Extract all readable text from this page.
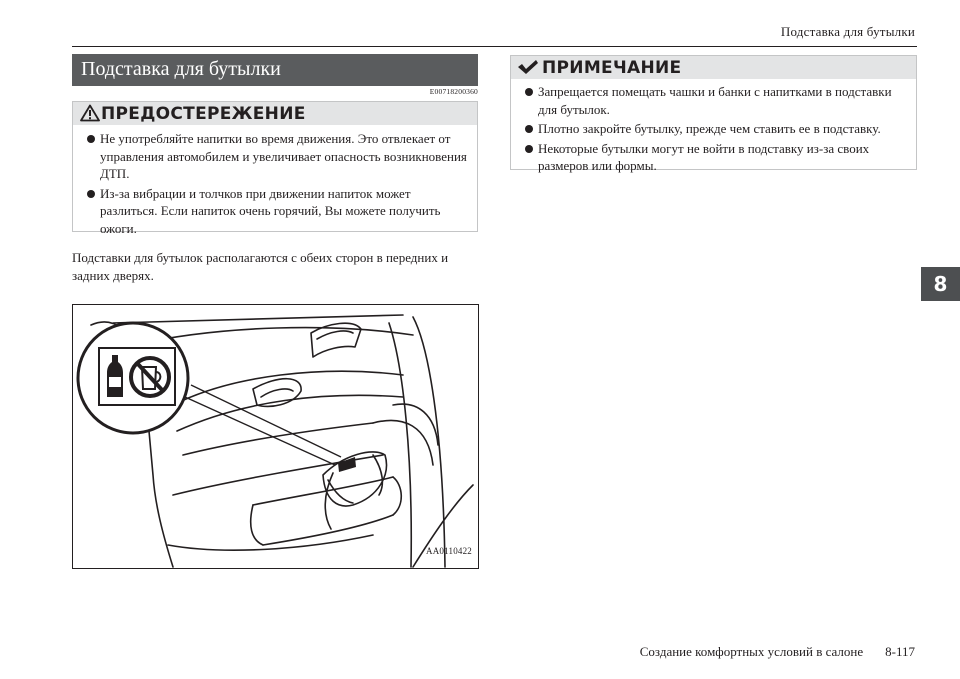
Подставка для бутылки
Подставка для бутылки
E00718200360
ПРЕДОСТЕРЕЖЕНИЕ
Не употребляйте напитки во время движения. Это отвлекает от управления автомобилем и увеличивает опасность возникновения ДТП.
Из-за вибрации и толчков при движении напиток может разлиться. Если напиток очень горячий, Вы можете получить ожоги.
Подставки для бутылок располагаются с обеих сторон в передних и задних дверях.
AA0110422
ПРИМЕЧАНИЕ
Запрещается помещать чашки и банки с напитками в подставки для бутылок.
Плотно закройте бутылку, прежде чем ставить ее в подставку.
Некоторые бутылки могут не войти в подставку из-за своих размеров или формы.
8
Создание комфортных условий в салоне 8-117
